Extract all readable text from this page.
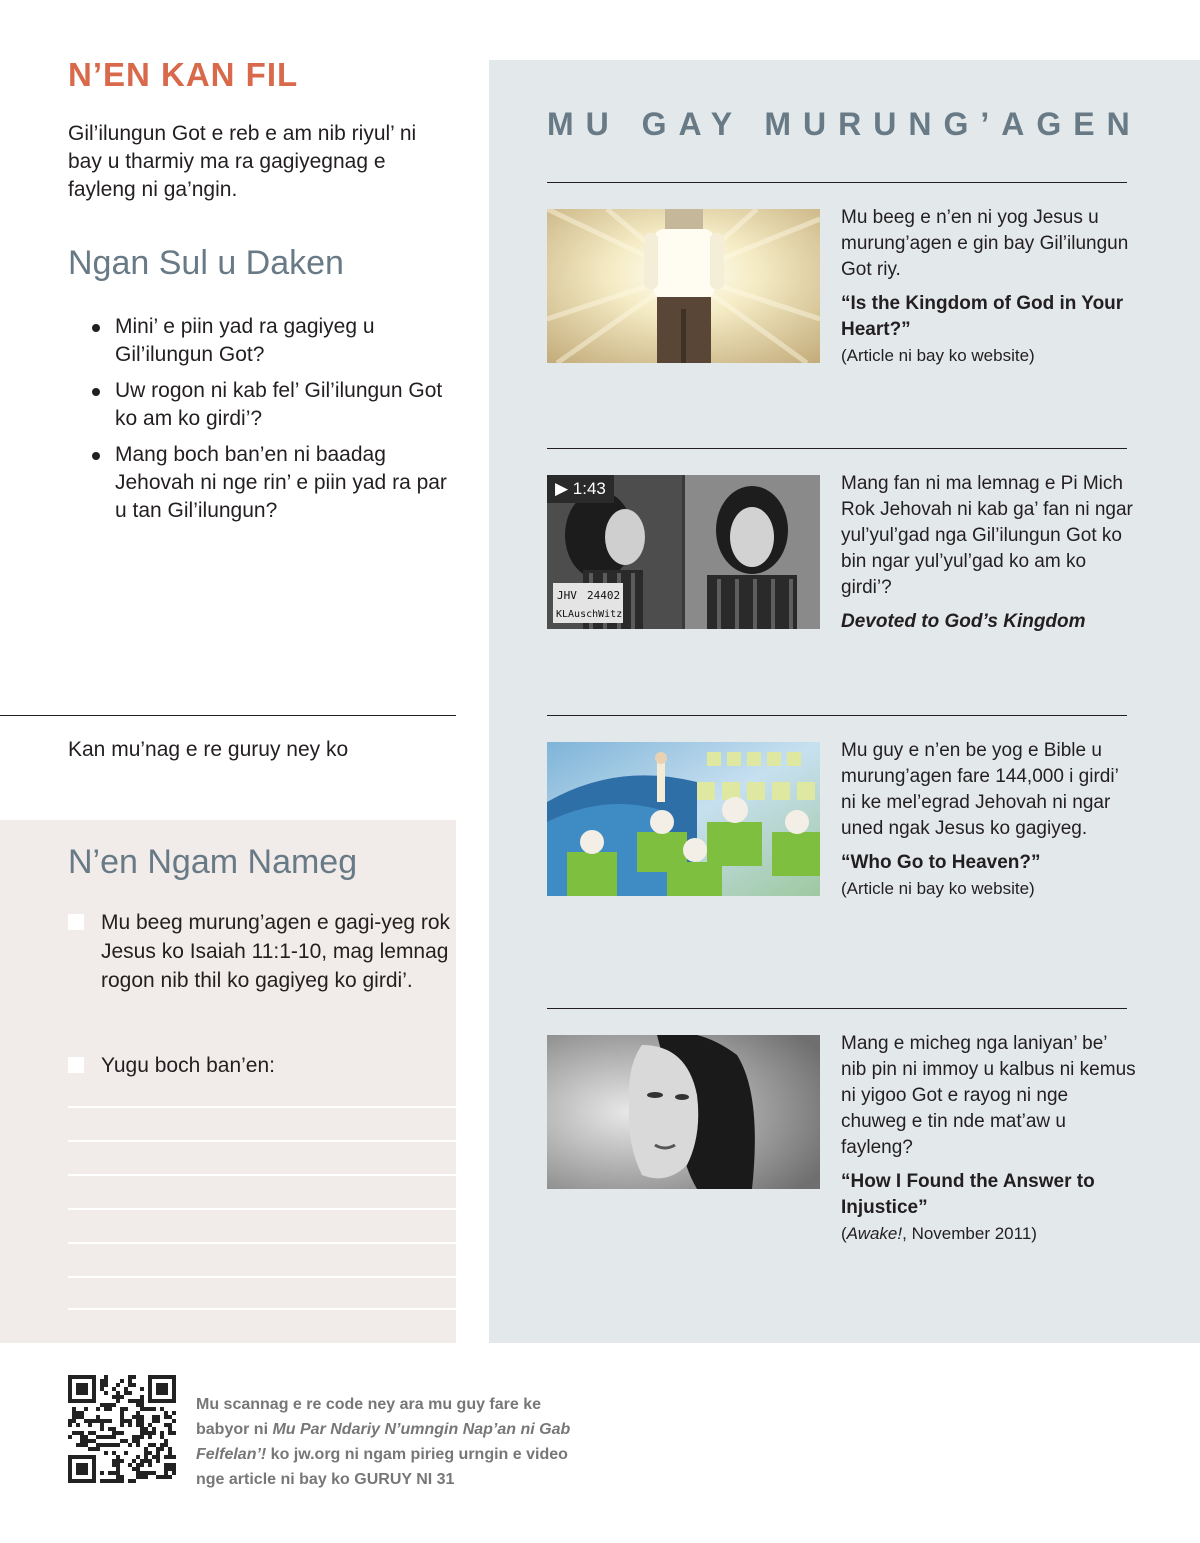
N’EN KAN FIL

Gil’ilungun Got e reb e am nib riyul’ ni bay u tharmiy ma ra gagiyegnag e fayleng ni ga’ngin.

Ngan Sul u Daken
Mini’ e piin yad ra gagiyeg u Gil’ilungun Got?
Uw rogon ni kab fel’ Gil’ilungun Got ko am ko girdi’?
Mang boch ban’en ni baadag Jehovah ni nge rin’ e piin yad ra par u tan Gil’ilungun?

Kan mu’nag e re guruy ney ko

N’en Ngam Nameg
Mu beeg murung’agen e gagi-yeg rok Jesus ko Isaiah 11:1-10, mag lemnag rogon nib thil ko gagiyeg ko girdi’.
Yugu boch ban’en:
MU GAY MURUNG’AGEN

Mu beeg e n’en ni yog Jesus u murung’agen e gin bay Gil’ilungun Got riy.

“Is the Kingdom of God in Your Heart?”

(Article ni bay ko website)

JHV 24402
KLAuschWitz
▶ 1:43	Mang fan ni ma lemnag e Pi Mich Rok Jehovah ni kab ga’ fan ni ngar yul’yul’gad nga Gil’ilungun Got ko bin ngar yul’yul’gad ko am ko girdi’?

Devoted to God’s Kingdom

Mu guy e n’en be yog e Bible u murung’agen fare 144,000 i girdi’ ni ke mel’egrad Jehovah ni ngar uned ngak Jesus ko gagiyeg.

“Who Go to Heaven?”

(Article ni bay ko website)

Mang e micheg nga laniyan’ be’ nib pin ni immoy u kalbus ni kemus ni yigoo Got e rayog ni nge chuweg e tin nde mat’aw u fayleng?

“How I Found the Answer to Injustice”

(Awake!, November 2011)

Mu scannag e re code ney ara mu guy fare ke babyor ni Mu Par Ndariy N’umngin Nap’an ni Gab Felfelan’! ko jw.org ni ngam pirieg urngin e video nge article ni bay ko GURUY NI 31
